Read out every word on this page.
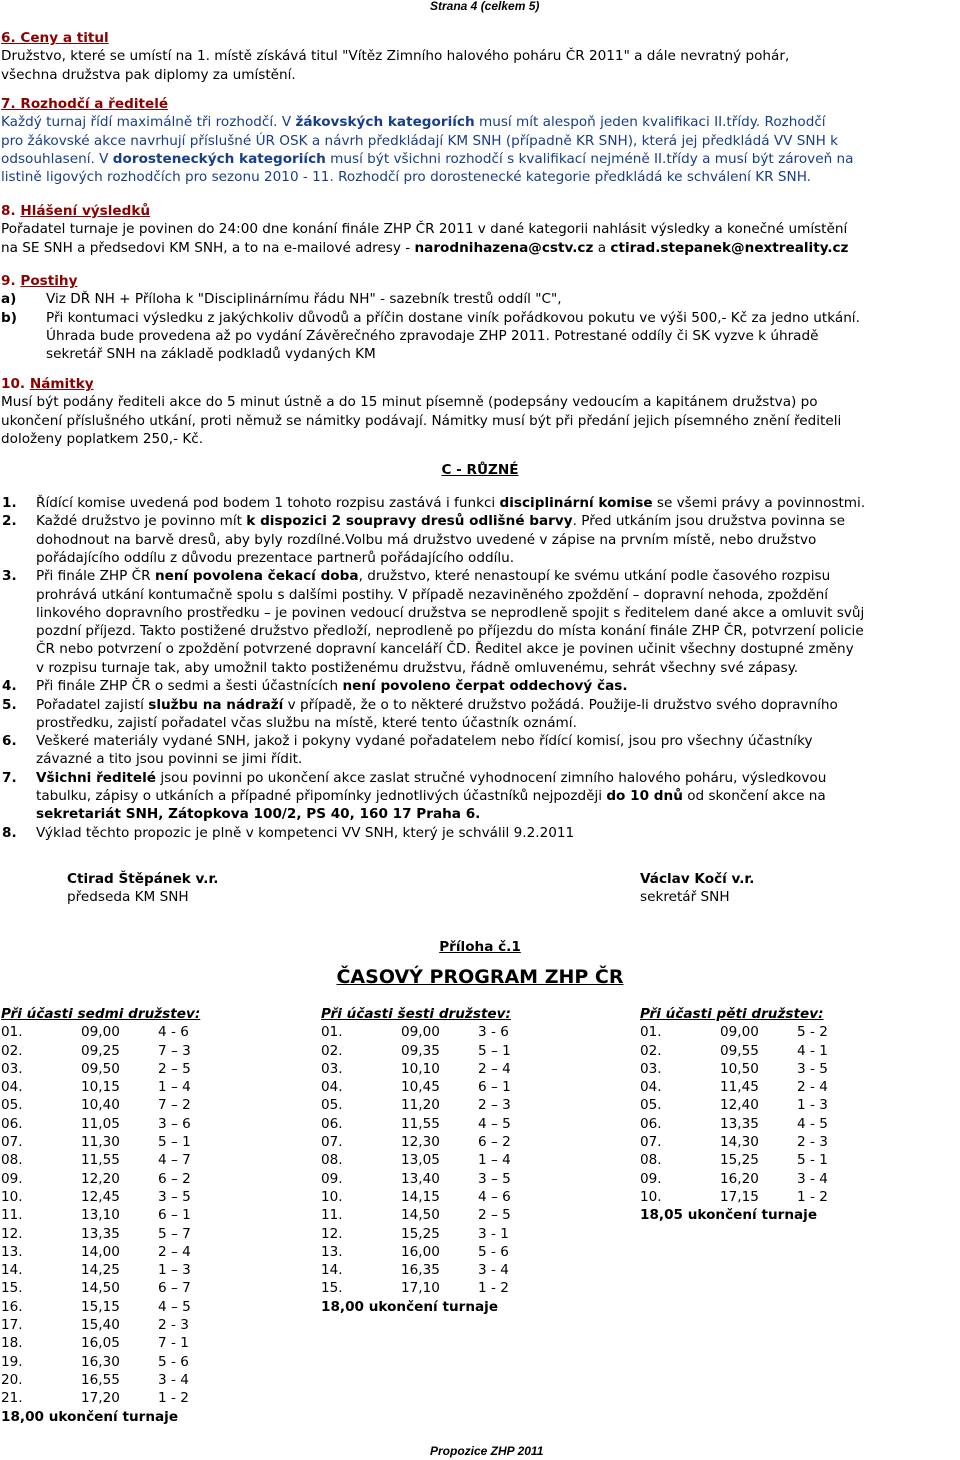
Strana 4 (celkem 5)
6. Ceny a titul
Družstvo, které se umístí na 1. místě získává titul "Vítěz Zimního halového poháru ČR 2011" a dále nevratný pohár,
všechna družstva pak diplomy za umístění.
7. Rozhodčí a ředitelé
Každý turnaj řídí maximálně tři rozhodčí. V žákovských kategoriích musí mít alespoň jeden kvalifikaci II.třídy. Rozhodčí
pro žákovské akce navrhují příslušné ÚR OSK a návrh předkládají KM SNH (případně KR SNH), která jej předkládá VV SNH k
odsouhlasení. V dorosteneckých kategoriích musí být všichni rozhodčí s kvalifikací nejméně II.třídy a musí být zároveň na
listině ligových rozhodčích pro sezonu 2010 - 11. Rozhodčí pro dorostenecké kategorie předkládá ke schválení KR SNH.
8. Hlášení výsledků
Pořadatel turnaje je povinen do 24:00 dne konání finále ZHP ČR 2011 v dané kategorii nahlásit výsledky a konečné umístění
na SE SNH a předsedovi KM SNH, a to na e-mailové adresy - narodnihazena@cstv.cz a ctirad.stepanek@nextreality.cz
9. Postihy
a) Viz DŘ NH + Příloha k "Disciplinárnímu řádu NH" - sazebník trestů oddíl "C",
b) Při kontumaci výsledku z jakýchkoliv důvodů a příčin dostane viník pořádkovou pokutu ve výši 500,- Kč za jedno utkání.
Úhrada bude provedena až po vydání Závěrečného zpravodaje ZHP 2011. Potrestané oddíly či SK vyzve k úhradě
sekretář SNH na základě podkladů vydaných KM
10. Námitky
Musí být podány řediteli akce do 5 minut ústně a do 15 minut písemně (podepsány vedoucím a kapitánem družstva) po
ukončení příslušného utkání, proti němuž se námitky podávají. Námitky musí být při předání jejich písemného znění řediteli
doloženy poplatkem 250,- Kč.
C - RŮZNÉ
1. Řídící komise uvedená pod bodem 1 tohoto rozpisu zastává i funkci disciplinární komise se všemi právy a povinnostmi.
2. Každé družstvo je povinno mít k dispozici 2 soupravy dresů odlišné barvy. Před utkáním jsou družstva povinna se
dohodnout na barvě dresů, aby byly rozdílné.Volbu má družstvo uvedené v zápise na prvním místě, nebo družstvo
pořádajícího oddílu z důvodu prezentace partnerů pořádajícího oddílu.
3. Při finále ZHP ČR není povolena čekací doba, družstvo, které nenastoupí ke svému utkání podle časového rozpisu
prohrává utkání kontumačně spolu s dalšími postihy. V případě nezaviněného zpoždění – dopravní nehoda, zpoždění
linkového dopravního prostředku – je povinen vedoucí družstva se neprodleně spojit s ředitelem dané akce a omluvit svůj
pozdní příjezd. Takto postižené družstvo předloží, neprodleně po příjezdu do místa konání finále ZHP ČR, potvrzení policie
ČR nebo potvrzení o zpoždění potvrzené dopravní kanceláří ČD. Ředitel akce je povinen učinit všechny dostupné změny
v rozpisu turnaje tak, aby umožnil takto postiženému družstvu, řádně omluvenému, sehrát všechny své zápasy.
4. Při finále ZHP ČR o sedmi a šesti účastnících není povoleno čerpat oddechový čas.
5. Pořadatel zajistí službu na nádraží v případě, že o to některé družstvo požádá. Použije-li družstvo svého dopravního
prostředku, zajistí pořadatel včas službu na místě, které tento účastník oznámí.
6. Veškeré materiály vydané SNH, jakož i pokyny vydané pořadatelem nebo řídící komisí, jsou pro všechny účastníky
závazné a tito jsou povinni se jimi řídit.
7. Všichni ředitelé jsou povinni po ukončení akce zaslat stručné vyhodnocení zimního halového poháru, výsledkovou
tabulku, zápisy o utkáních a případné připomínky jednotlivých účastníků nejpozději do 10 dnů od skončení akce na
sekretariát SNH, Zátopkova 100/2, PS 40, 160 17 Praha 6.
8. Výklad těchto propozic je plně v kompetenci VV SNH, který je schválil 9.2.2011
Ctirad Štěpánek v.r.
předseda KM SNH
Václav Kočí v.r.
sekretář SNH
Příloha č.1
ČASOVÝ PROGRAM ZHP ČR
Při účasti sedmi družstev:
01.	09,00	4 - 6
02.	09,25	7 – 3
03.	09,50	2 – 5
04.	10,15	1 – 4
05.	10,40	7 – 2
06.	11,05	3 – 6
07.	11,30	5 – 1
08.	11,55	4 – 7
09.	12,20	6 – 2
10.	12,45	3 – 5
11.	13,10	6 – 1
12.	13,35	5 – 7
13.	14,00	2 – 4
14.	14,25	1 – 3
15.	14,50	6 – 7
16.	15,15	4 – 5
17.	15,40	2 - 3
18.	16,05	7 - 1
19.	16,30	5 - 6
20.	16,55	3 - 4
21.	17,20	1 - 2
18,00 ukončení turnaje
Při účasti šesti družstev:
01.	09,00	3 - 6
02.	09,35	5 – 1
03.	10,10	2 – 4
04.	10,45	6 – 1
05.	11,20	2 – 3
06.	11,55	4 – 5
07.	12,30	6 – 2
08.	13,05	1 – 4
09.	13,40	3 – 5
10.	14,15	4 – 6
11.	14,50	2 – 5
12.	15,25	3 - 1
13.	16,00	5 - 6
14.	16,35	3 - 4
15.	17,10	1 - 2
18,00 ukončení turnaje
Při účasti pěti družstev:
01.	09,00	5 - 2
02.	09,55	4 - 1
03.	10,50	3 - 5
04.	11,45	2 - 4
05.	12,40	1 - 3
06.	13,35	4 - 5
07.	14,30	2 - 3
08.	15,25	5 - 1
09.	16,20	3 - 4
10.	17,15	1 - 2
18,05 ukončení turnaje
Propozice ZHP 2011
